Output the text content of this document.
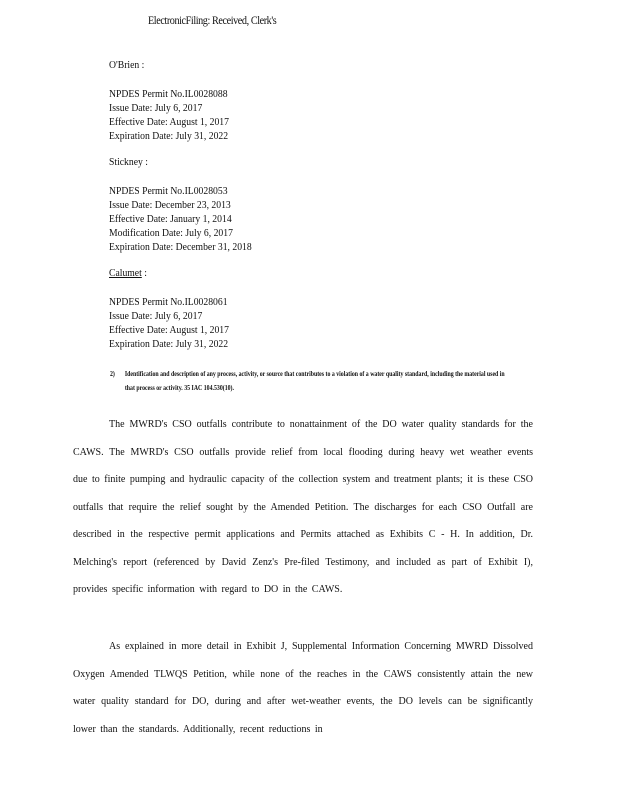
ElectronicFiling: Received, Clerk's
O'Brien :
NPDES Permit No.IL0028088
Issue Date: July 6, 2017
Effective Date: August 1, 2017
Expiration Date: July 31, 2022
Stickney :
NPDES Permit No.IL0028053
Issue Date: December 23, 2013
Effective Date: January 1, 2014
Modification Date: July 6, 2017
Expiration Date: December 31, 2018
Calumet :
NPDES Permit No.IL0028061
Issue Date: July 6, 2017
Effective Date: August 1, 2017
Expiration Date: July 31, 2022
2) Identification and description of any process, activity, or source that contributes to a violation of a water quality standard, including the material used in that process or activity. 35 IAC 104.530(10).
The MWRD's CSO outfalls contribute to nonattainment of the DO water quality standards for the CAWS. The MWRD's CSO outfalls provide relief from local flooding during heavy wet weather events due to finite pumping and hydraulic capacity of the collection system and treatment plants; it is these CSO outfalls that require the relief sought by the Amended Petition. The discharges for each CSO Outfall are described in the respective permit applications and Permits attached as Exhibits C - H. In addition, Dr. Melching's report (referenced by David Zenz's Pre-filed Testimony, and included as part of Exhibit I), provides specific information with regard to DO in the CAWS.
As explained in more detail in Exhibit J, Supplemental Information Concerning MWRD Dissolved Oxygen Amended TLWQS Petition, while none of the reaches in the CAWS consistently attain the new water quality standard for DO, during and after wet-weather events, the DO levels can be significantly lower than the standards. Additionally, recent reductions in
